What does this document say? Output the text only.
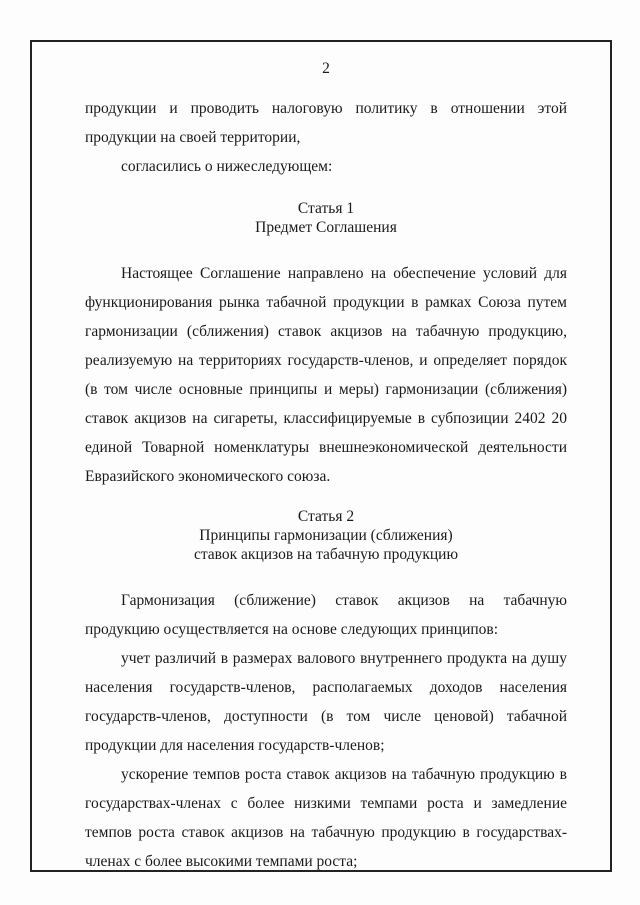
2

продукции и проводить налоговую политику в отношении этой продукции на своей территории,

согласились о нижеследующем:

Статья 1
Предмет Соглашения

Настоящее Соглашение направлено на обеспечение условий для функционирования рынка табачной продукции в рамках Союза путем гармонизации (сближения) ставок акцизов на табачную продукцию, реализуемую на территориях государств-членов, и определяет порядок (в том числе основные принципы и меры) гармонизации (сближения) ставок акцизов на сигареты, классифицируемые в субпозиции 2402 20 единой Товарной номенклатуры внешнеэкономической деятельности Евразийского экономического союза.

Статья 2
Принципы гармонизации (сближения)
ставок акцизов на табачную продукцию

Гармонизация (сближение) ставок акцизов на табачную продукцию осуществляется на основе следующих принципов:

учет различий в размерах валового внутреннего продукта на душу населения государств-членов, располагаемых доходов населения государств-членов, доступности (в том числе ценовой) табачной продукции для населения государств-членов;

ускорение темпов роста ставок акцизов на табачную продукцию в государствах-членах с более низкими темпами роста и замедление темпов роста ставок акцизов на табачную продукцию в государствах-членах с более высокими темпами роста;
